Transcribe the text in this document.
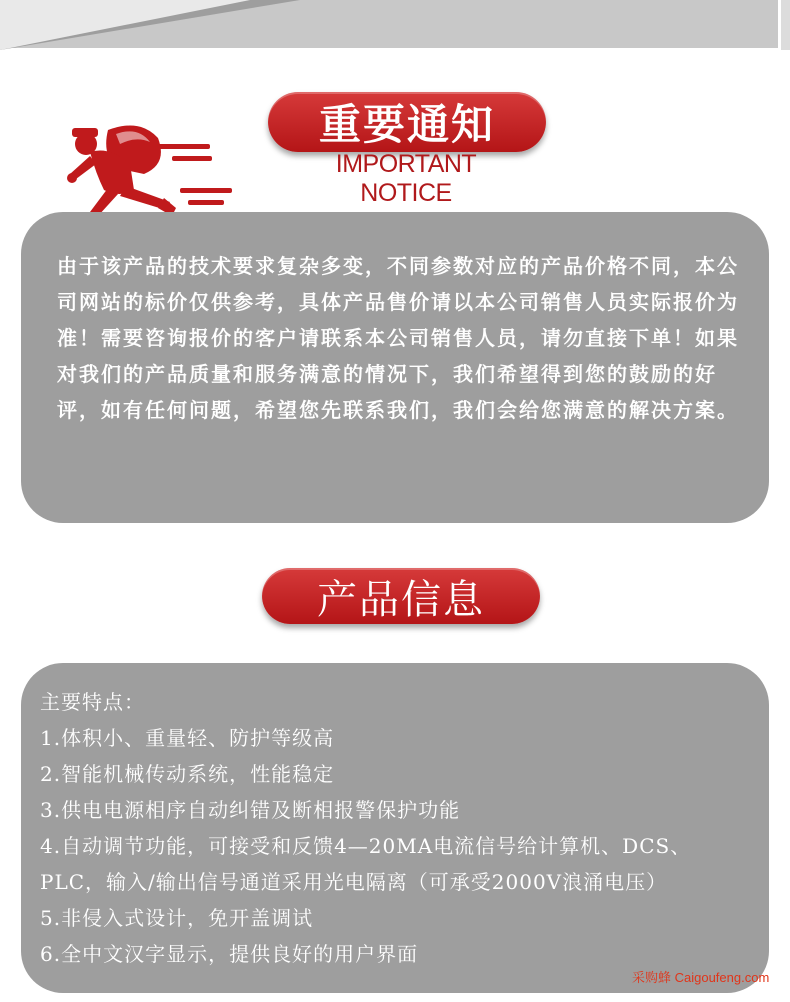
重要通知
IMPORTANT NOTICE

由于该产品的技术要求复杂多变，不同参数对应的产品价格不同，本公司网站的标价仅供参考，具体产品售价请以本公司销售人员实际报价为准！需要咨询报价的客户请联系本公司销售人员，请勿直接下单！如果对我们的产品质量和服务满意的情况下，我们希望得到您的鼓励的好评，如有任何问题，希望您先联系我们，我们会给您满意的解决方案。

产品信息
主要特点：
1.体积小、重量轻、防护等级高
2.智能机械传动系统，性能稳定
3.供电电源相序自动纠错及断相报警保护功能
4.自动调节功能，可接受和反馈4—20MA电流信号给计算机、DCS、
PLC，输入/输出信号通道采用光电隔离（可承受2000V浪涌电压）
5.非侵入式设计，免开盖调试
6.全中文汉字显示，提供良好的用户界面
采购蜂 Caigoufeng.com
